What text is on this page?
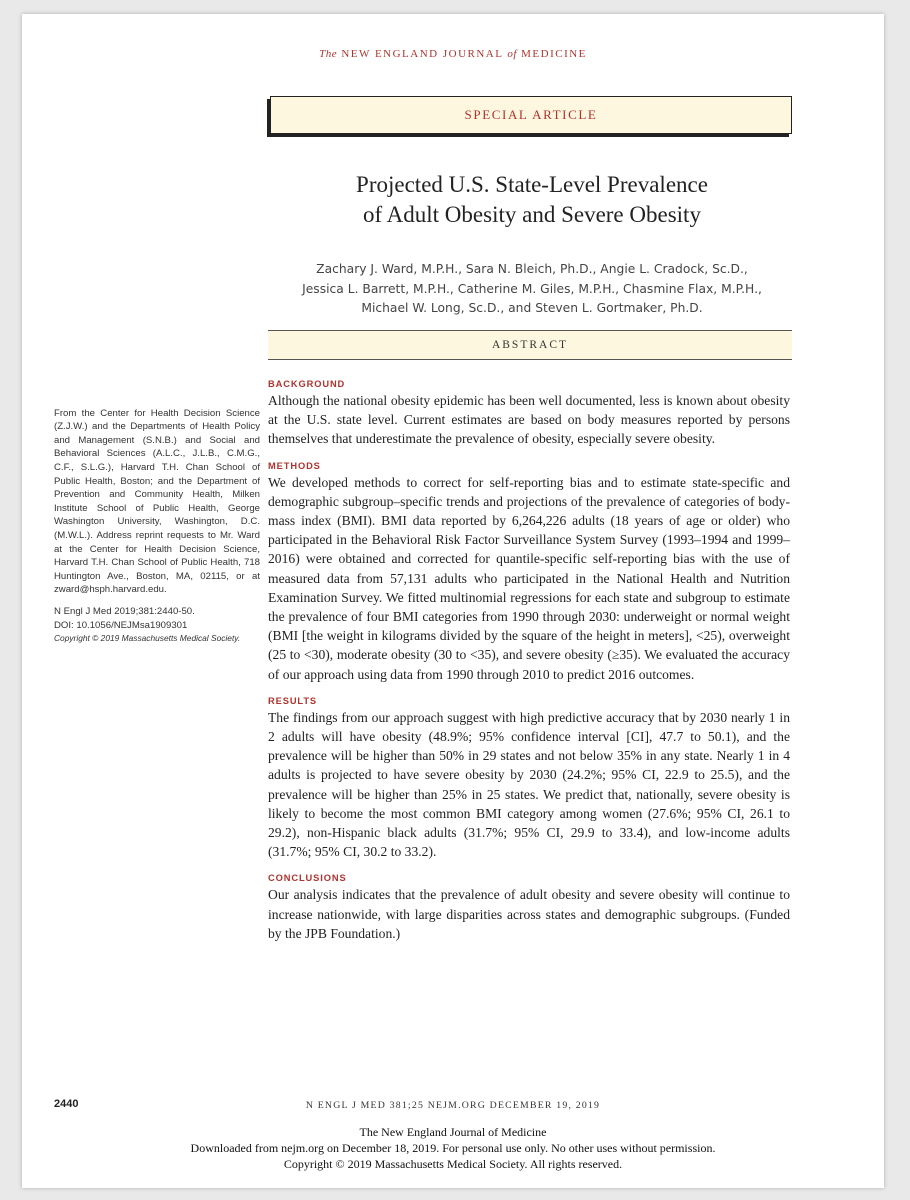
The NEW ENGLAND JOURNAL of MEDICINE
SPECIAL ARTICLE
Projected U.S. State-Level Prevalence
of Adult Obesity and Severe Obesity
Zachary J. Ward, M.P.H., Sara N. Bleich, Ph.D., Angie L. Cradock, Sc.D.,
Jessica L. Barrett, M.P.H., Catherine M. Giles, M.P.H., Chasmine Flax, M.P.H.,
Michael W. Long, Sc.D., and Steven L. Gortmaker, Ph.D.
ABSTRACT

From the Center for Health Decision Science (Z.J.W.) and the Departments of Health Policy and Management (S.N.B.) and Social and Behavioral Sciences (A.L.C., J.L.B., C.M.G., C.F., S.L.G.), Harvard T.H. Chan School of Public Health, Boston; and the Department of Prevention and Community Health, Milken Institute School of Public Health, George Washington University, Washington, D.C. (M.W.L.). Address reprint requests to Mr. Ward at the Center for Health Decision Science, Harvard T.H. Chan School of Public Health, 718 Huntington Ave., Boston, MA, 02115, or at zward@hsph.harvard.edu.

N Engl J Med 2019;381:2440-50.

DOI: 10.1056/NEJMsa1909301

Copyright © 2019 Massachusetts Medical Society.

BACKGROUND

Although the national obesity epidemic has been well documented, less is known about obesity at the U.S. state level. Current estimates are based on body measures reported by persons themselves that underestimate the prevalence of obesity, especially severe obesity.

METHODS

We developed methods to correct for self-reporting bias and to estimate state-specific and demographic subgroup–specific trends and projections of the prevalence of categories of body-mass index (BMI). BMI data reported by 6,264,226 adults (18 years of age or older) who participated in the Behavioral Risk Factor Surveillance System Survey (1993–1994 and 1999–2016) were obtained and corrected for quantile-specific self-reporting bias with the use of measured data from 57,131 adults who participated in the National Health and Nutrition Examination Survey. We fitted multinomial regressions for each state and subgroup to estimate the prevalence of four BMI categories from 1990 through 2030: underweight or normal weight (BMI [the weight in kilograms divided by the square of the height in meters], <25), overweight (25 to <30), moderate obesity (30 to <35), and severe obesity (≥35). We evaluated the accuracy of our approach using data from 1990 through 2010 to predict 2016 outcomes.

RESULTS

The findings from our approach suggest with high predictive accuracy that by 2030 nearly 1 in 2 adults will have obesity (48.9%; 95% confidence interval [CI], 47.7 to 50.1), and the prevalence will be higher than 50% in 29 states and not below 35% in any state. Nearly 1 in 4 adults is projected to have severe obesity by 2030 (24.2%; 95% CI, 22.9 to 25.5), and the prevalence will be higher than 25% in 25 states. We predict that, nationally, severe obesity is likely to become the most common BMI category among women (27.6%; 95% CI, 26.1 to 29.2), non-Hispanic black adults (31.7%; 95% CI, 29.9 to 33.4), and low-income adults (31.7%; 95% CI, 30.2 to 33.2).

CONCLUSIONS

Our analysis indicates that the prevalence of adult obesity and severe obesity will continue to increase nationwide, with large disparities across states and demographic subgroups. (Funded by the JPB Foundation.)

2440	N ENGL J MED 381;25 NEJM.ORG DECEMBER 19, 2019
The New England Journal of Medicine
Downloaded from nejm.org on December 18, 2019. For personal use only. No other uses without permission.
Copyright © 2019 Massachusetts Medical Society. All rights reserved.
